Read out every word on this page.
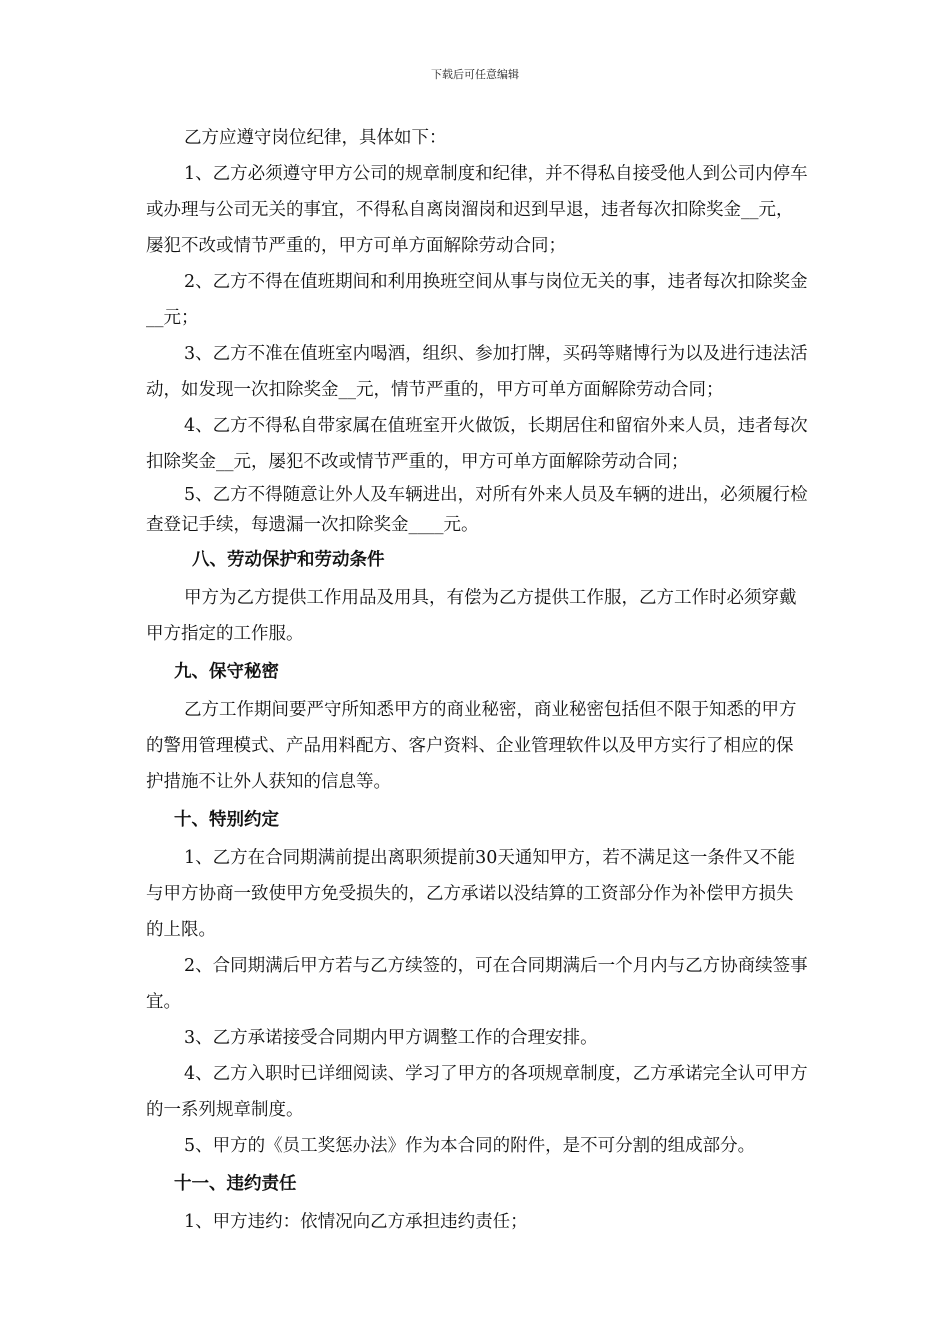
下载后可任意编辑

乙方应遵守岗位纪律，具体如下：

1、乙方必须遵守甲方公司的规章制度和纪律，并不得私自接受他人到公司内停车或办理与公司无关的事宜，不得私自离岗溜岗和迟到早退，违者每次扣除奖金__元，屡犯不改或情节严重的，甲方可单方面解除劳动合同；

2、乙方不得在值班期间和利用换班空间从事与岗位无关的事，违者每次扣除奖金__元；

3、乙方不准在值班室内喝酒，组织、参加打牌，买码等赌博行为以及进行违法活动，如发现一次扣除奖金__元，情节严重的，甲方可单方面解除劳动合同；

4、乙方不得私自带家属在值班室开火做饭，长期居住和留宿外来人员，违者每次扣除奖金__元，屡犯不改或情节严重的，甲方可单方面解除劳动合同；

5、乙方不得随意让外人及车辆进出，对所有外来人员及车辆的进出，必须履行检查登记手续，每遗漏一次扣除奖金____元。

八、劳动保护和劳动条件

甲方为乙方提供工作用品及用具，有偿为乙方提供工作服，乙方工作时必须穿戴甲方指定的工作服。

九、保守秘密

乙方工作期间要严守所知悉甲方的商业秘密，商业秘密包括但不限于知悉的甲方的警用管理模式、产品用料配方、客户资料、企业管理软件以及甲方实行了相应的保护措施不让外人获知的信息等。

十、特别约定

1、乙方在合同期满前提出离职须提前30天通知甲方，若不满足这一条件又不能与甲方协商一致使甲方免受损失的，乙方承诺以没结算的工资部分作为补偿甲方损失的上限。

2、合同期满后甲方若与乙方续签的，可在合同期满后一个月内与乙方协商续签事宜。

3、乙方承诺接受合同期内甲方调整工作的合理安排。

4、乙方入职时已详细阅读、学习了甲方的各项规章制度，乙方承诺完全认可甲方的一系列规章制度。

5、甲方的《员工奖惩办法》作为本合同的附件，是不可分割的组成部分。

十一、违约责任

1、甲方违约：依情况向乙方承担违约责任；
